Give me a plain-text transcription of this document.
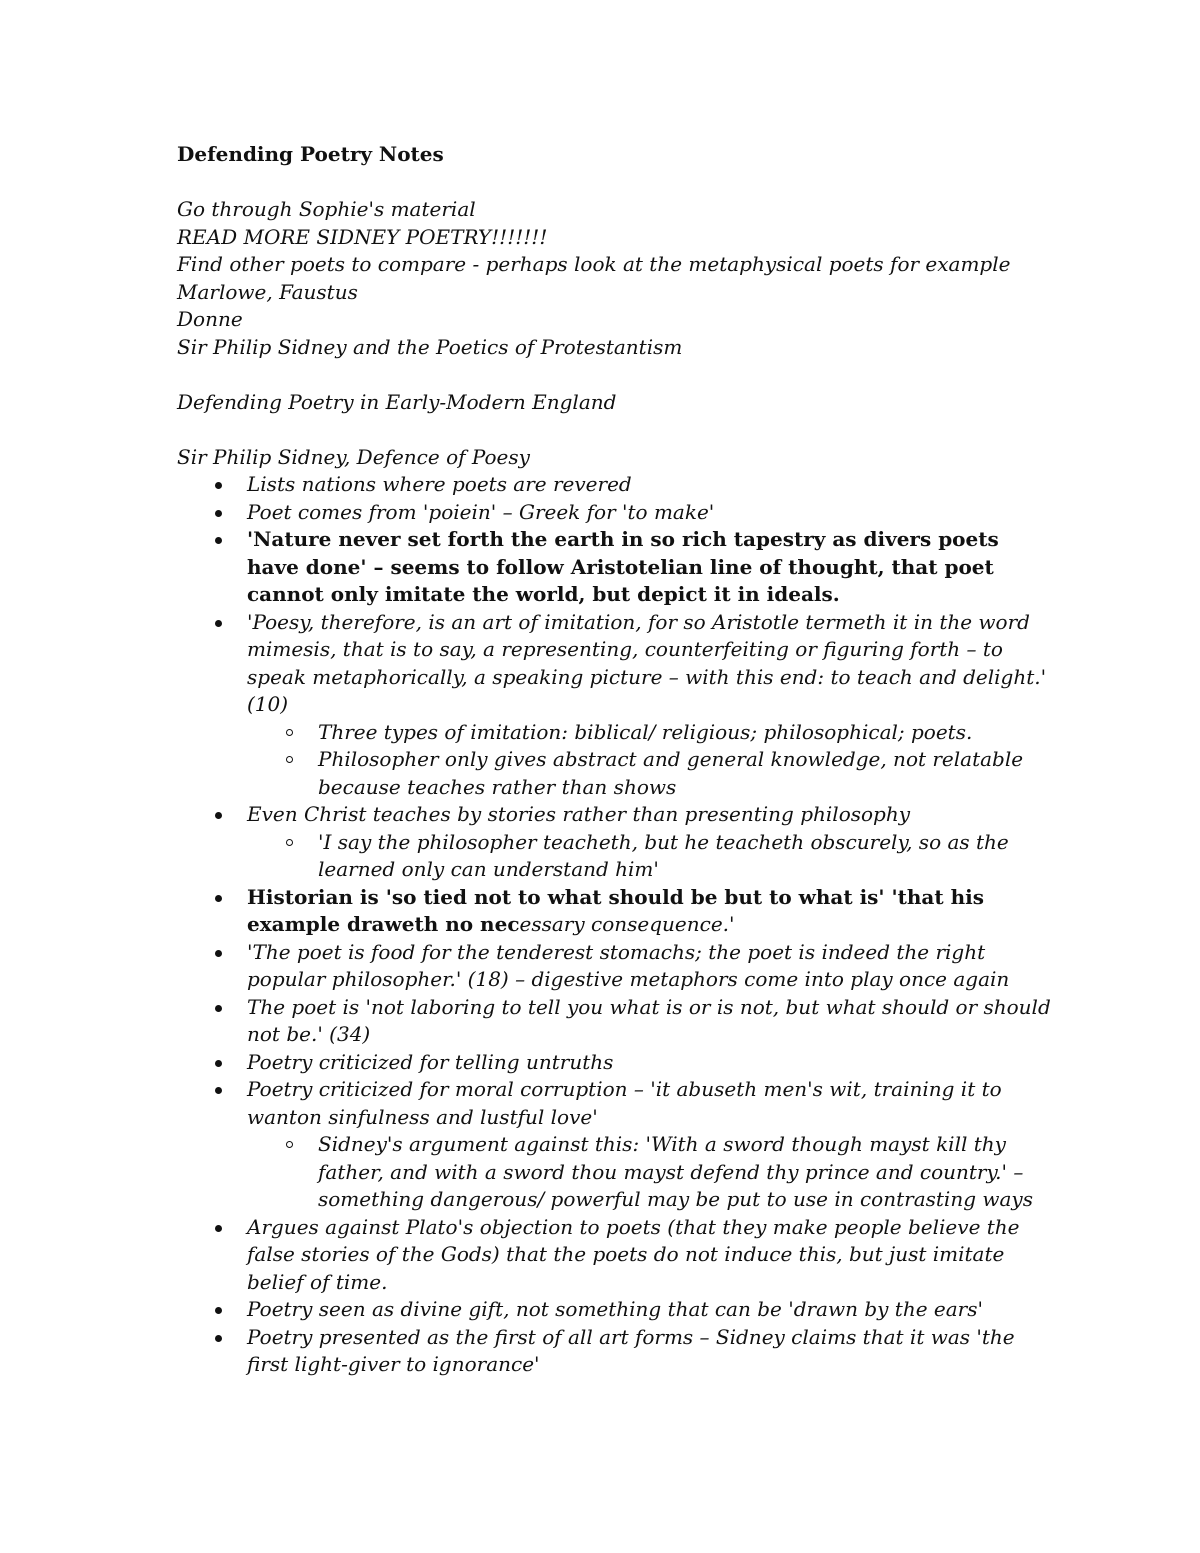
Defending Poetry Notes
Go through Sophie's material
READ MORE SIDNEY POETRY!!!!!!!
Find other poets to compare - perhaps look at the metaphysical poets for example
Marlowe, Faustus
Donne
Sir Philip Sidney and the Poetics of Protestantism
Defending Poetry in Early-Modern England
Sir Philip Sidney, Defence of Poesy
Lists nations where poets are revered
Poet comes from 'poiein' – Greek for 'to make'
'Nature never set forth the earth in so rich tapestry as divers poets have done' – seems to follow Aristotelian line of thought, that poet cannot only imitate the world, but depict it in ideals.
'Poesy, therefore, is an art of imitation, for so Aristotle termeth it in the word mimesis, that is to say, a representing, counterfeiting or figuring forth – to speak metaphorically, a speaking picture – with this end: to teach and delight.' (10)
Three types of imitation: biblical/ religious; philosophical; poets.
Philosopher only gives abstract and general knowledge, not relatable because teaches rather than shows
Even Christ teaches by stories rather than presenting philosophy
'I say the philosopher teacheth, but he teacheth obscurely, so as the learned only can understand him'
Historian is 'so tied not to what should be but to what is' 'that his example draweth no necessary consequence.'
'The poet is food for the tenderest stomachs; the poet is indeed the right popular philosopher.' (18) – digestive metaphors come into play once again
The poet is 'not laboring to tell you what is or is not, but what should or should not be.' (34)
Poetry criticized for telling untruths
Poetry criticized for moral corruption – 'it abuseth men's wit, training it to wanton sinfulness and lustful love'
Sidney's argument against this: 'With a sword though mayst kill thy father, and with a sword thou mayst defend thy prince and country.' – something dangerous/ powerful may be put to use in contrasting ways
Argues against Plato's objection to poets (that they make people believe the false stories of the Gods) that the poets do not induce this, but just imitate belief of time.
Poetry seen as divine gift, not something that can be 'drawn by the ears'
Poetry presented as the first of all art forms – Sidney claims that it was 'the first light-giver to ignorance'
